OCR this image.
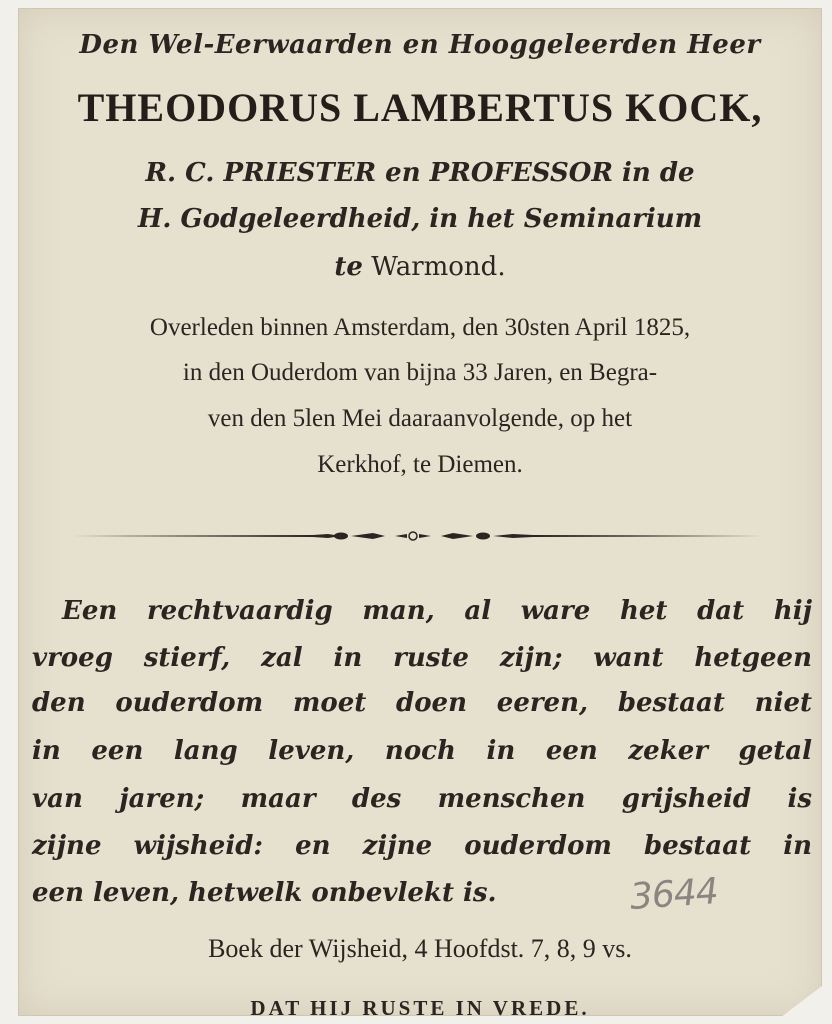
Den Wel-Eerwaarden en Hooggeleerden Heer
THEODORUS LAMBERTUS KOCK,
R. C. PRIESTER en PROFESSOR in de
H. Godgeleerdheid, in het Seminarium
te Warmond.
Overleden binnen Amsterdam, den 30sten April 1825,
in den Ouderdom van bijna 33 Jaren, en Begra-
ven den 5len Mei daaraanvolgende, op het
Kerkhof, te Diemen.
Een rechtvaardig man, al ware het dat hij
vroeg stierf, zal in ruste zijn; want hetgeen
den ouderdom moet doen eeren, bestaat niet
in een lang leven, noch in een zeker getal
van jaren; maar des menschen grijsheid is
zijne wijsheid: en zijne ouderdom bestaat in
een leven, hetwelk onbevlekt is.	3644
Boek der Wijsheid, 4 Hoofdst. 7, 8, 9 vs.
DAT HIJ RUSTE IN VREDE.
